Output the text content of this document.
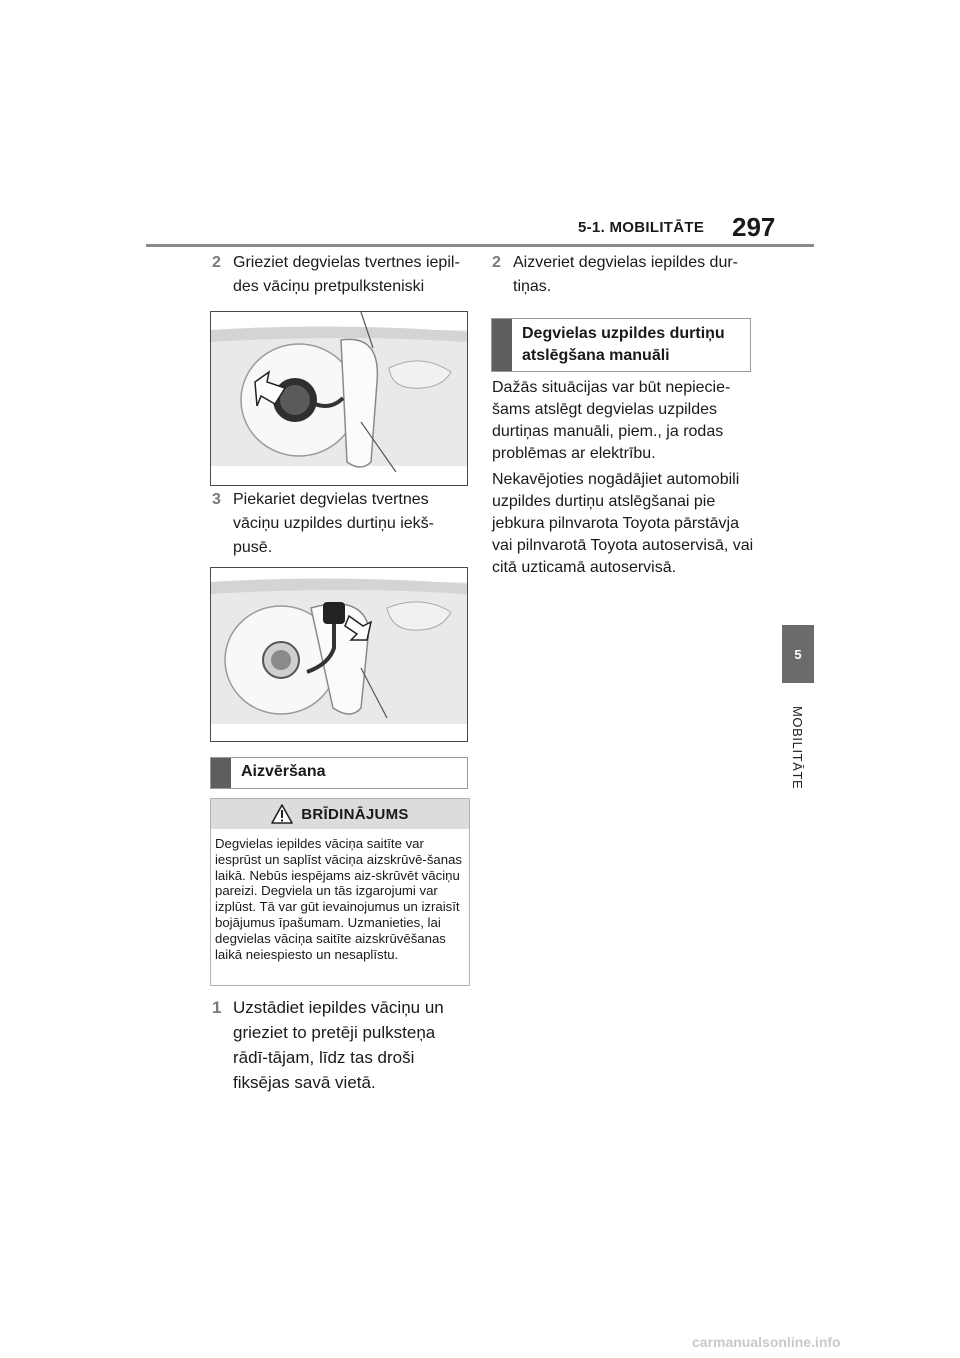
5-1. MOBILITĀTE 297
5
MOBILITĀTE
2 Grieziet degvielas tvertnes iepil-des vāciņu pretpulksteniski
3 Piekariet degvielas tvertnes vāciņu uzpildes durtiņu iekš-pusē.
Aizvēršana
BRĪDINĀJUMS
Degvielas iepildes vāciņa saitīte var iesprūst un saplīst vāciņa aizskrūvē-šanas laikā. Nebūs iespējams aiz-skrūvēt vāciņu pareizi. Degviela un tās izgarojumi var izplūst. Tā var gūt ievainojumus un izraisīt bojājumus īpašumam. Uzmanieties, lai degvielas vāciņa saitīte aizskrūvēšanas laikā neiespiesto un nesaplīstu.
1 Uzstādiet iepildes vāciņu un grieziet to pretēji pulksteņa rādī-tājam, līdz tas droši fiksējas savā vietā.
2 Aizveriet degvielas iepildes dur-tiņas.
Degvielas uzpildes durtiņu atslēgšana manuāli
Dažās situācijas var būt nepiecie-šams atslēgt degvielas uzpildes durtiņas manuāli, piem., ja rodas problēmas ar elektrību.
Nekavējoties nogādājiet automobili uzpildes durtiņu atslēgšanai pie jebkura pilnvarota Toyota pārstāvja vai pilnvarotā Toyota autoservisā, vai citā uzticamā autoservisā.
carmanualsonline.info
